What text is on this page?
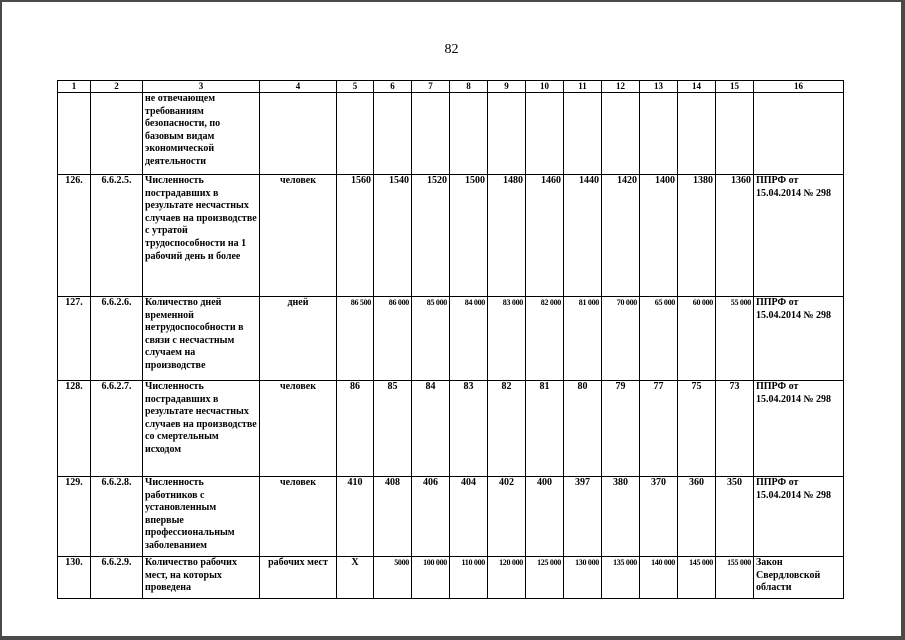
82
1	2	3	4	5	6	7	8	9	10	11	12	13	14	15	16
		не отвечающем требованиям безопасности, по базовым видам экономической деятельности													
126.	6.6.2.5.	Численность пострадавших в результате несчастных случаев на производстве с утратой трудоспособности на 1 рабочий день и более	человек	1560	1540	1520	1500	1480	1460	1440	1420	1400	1380	1360	ППРФ от 15.04.2014 № 298
127.	6.6.2.6.	Количество дней временной нетрудоспособности в связи с несчастным случаем на производстве	дней	86 500	86 000	85 000	84 000	83 000	82 000	81 000	70 000	65 000	60 000	55 000	ППРФ от 15.04.2014 № 298
128.	6.6.2.7.	Численность пострадавших в результате несчастных случаев на производстве со смертельным исходом	человек	86	85	84	83	82	81	80	79	77	75	73	ППРФ от 15.04.2014 № 298
129.	6.6.2.8.	Численность работников с установленным впервые профессиональным заболеванием	человек	410	408	406	404	402	400	397	380	370	360	350	ППРФ от 15.04.2014 № 298
130.	6.6.2.9.	Количество рабочих мест, на которых проведена	рабочих мест	Х	5000	100 000	110 000	120 000	125 000	130 000	135 000	140 000	145 000	155 000	Закон Свердловской области
